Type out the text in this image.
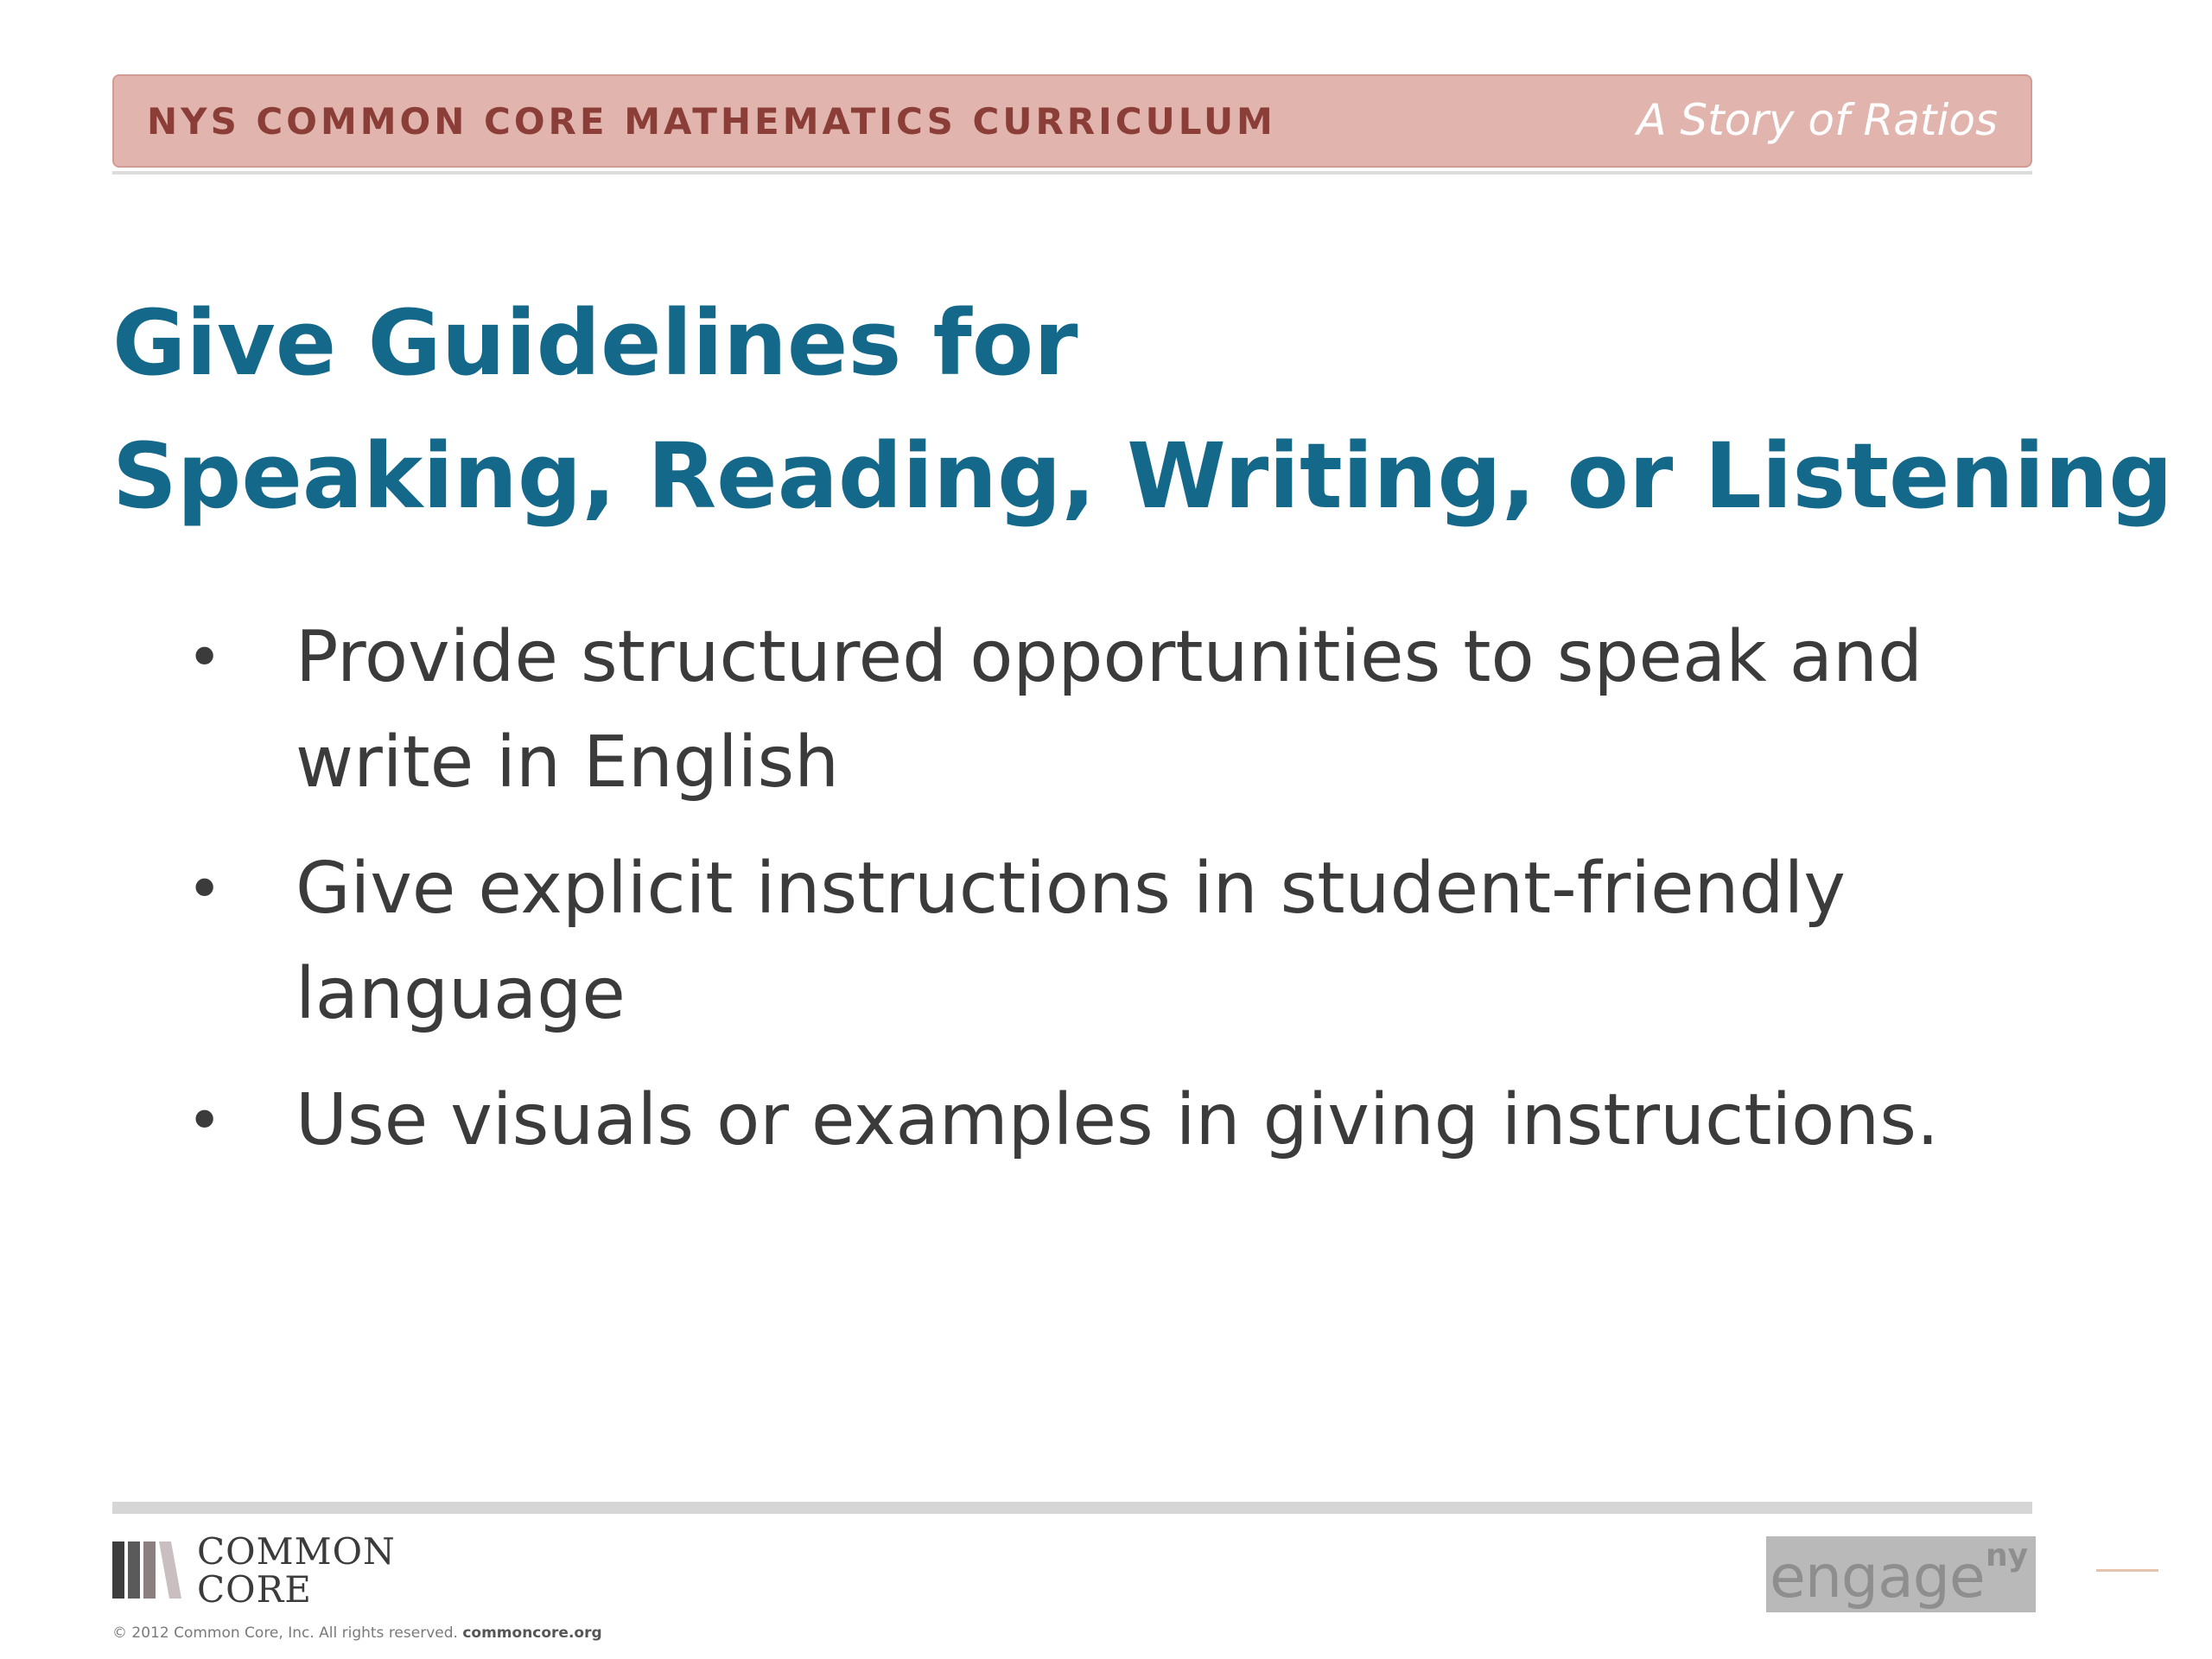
NYS COMMON CORE MATHEMATICS CURRICULUM	A Story of Ratios
Give Guidelines for
Speaking, Reading, Writing, or Listening
• Provide structured opportunities to speak and write in English
• Give explicit instructions in student-friendly language
• Use visuals or examples in giving instructions.
COMMON
CORE
© 2012 Common Core, Inc. All rights reserved. commoncore.org
engage ny
